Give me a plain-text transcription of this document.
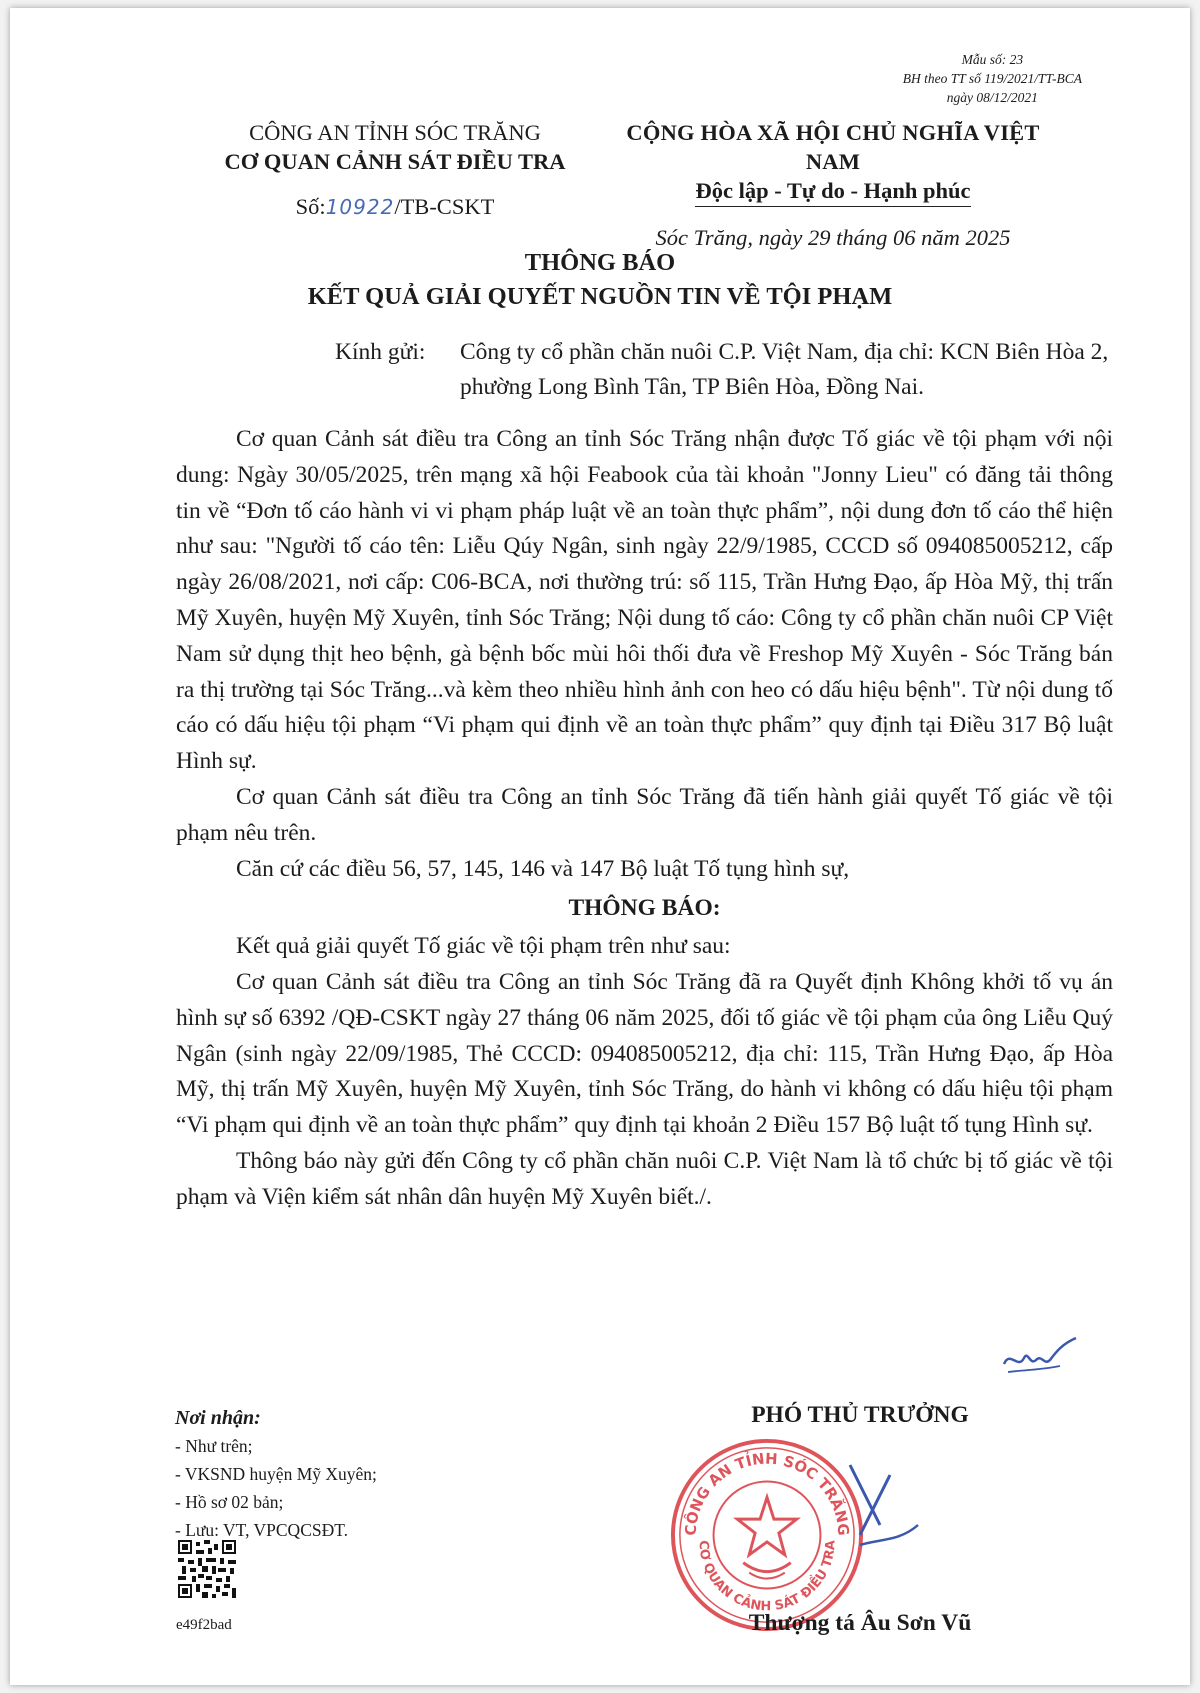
Mẫu số: 23
BH theo TT số 119/2021/TT-BCA
ngày 08/12/2021
CÔNG AN TỈNH SÓC TRĂNG
CƠ QUAN CẢNH SÁT ĐIỀU TRA
Số:10922/TB-CSKT
CỘNG HÒA XÃ HỘI CHỦ NGHĨA VIỆT NAM
Độc lập - Tự do - Hạnh phúc
Sóc Trăng, ngày 29 tháng 06 năm 2025
THÔNG BÁO
KẾT QUẢ GIẢI QUYẾT NGUỒN TIN VỀ TỘI PHẠM
Kính gửi: Công ty cổ phần chăn nuôi C.P. Việt Nam, địa chỉ: KCN Biên Hòa 2, phường Long Bình Tân, TP Biên Hòa, Đồng Nai.

Cơ quan Cảnh sát điều tra Công an tỉnh Sóc Trăng nhận được Tố giác về tội phạm với nội dung: Ngày 30/05/2025, trên mạng xã hội Feabook của tài khoản "Jonny Lieu" có đăng tải thông tin về “Đơn tố cáo hành vi vi phạm pháp luật về an toàn thực phẩm”, nội dung đơn tố cáo thể hiện như sau: "Người tố cáo tên: Liễu Qúy Ngân, sinh ngày 22/9/1985, CCCD số 094085005212, cấp ngày 26/08/2021, nơi cấp: C06-BCA, nơi thường trú: số 115, Trần Hưng Đạo, ấp Hòa Mỹ, thị trấn Mỹ Xuyên, huyện Mỹ Xuyên, tỉnh Sóc Trăng; Nội dung tố cáo: Công ty cổ phần chăn nuôi CP Việt Nam sử dụng thịt heo bệnh, gà bệnh bốc mùi hôi thối đưa về Freshop Mỹ Xuyên - Sóc Trăng bán ra thị trường tại Sóc Trăng...và kèm theo nhiều hình ảnh con heo có dấu hiệu bệnh". Từ nội dung tố cáo có dấu hiệu tội phạm “Vi phạm qui định về an toàn thực phẩm” quy định tại Điều 317 Bộ luật Hình sự.

Cơ quan Cảnh sát điều tra Công an tỉnh Sóc Trăng đã tiến hành giải quyết Tố giác về tội phạm nêu trên.

Căn cứ các điều 56, 57, 145, 146 và 147 Bộ luật Tố tụng hình sự,

THÔNG BÁO:

Kết quả giải quyết Tố giác về tội phạm trên như sau:

Cơ quan Cảnh sát điều tra Công an tỉnh Sóc Trăng đã ra Quyết định Không khởi tố vụ án hình sự số 6392 /QĐ-CSKT ngày 27 tháng 06 năm 2025, đối tố giác về tội phạm của ông Liễu Quý Ngân (sinh ngày 22/09/1985, Thẻ CCCD: 094085005212, địa chỉ: 115, Trần Hưng Đạo, ấp Hòa Mỹ, thị trấn Mỹ Xuyên, huyện Mỹ Xuyên, tỉnh Sóc Trăng, do hành vi không có dấu hiệu tội phạm “Vi phạm qui định về an toàn thực phẩm” quy định tại khoản 2 Điều 157 Bộ luật tố tụng Hình sự.

Thông báo này gửi đến Công ty cổ phần chăn nuôi C.P. Việt Nam là tổ chức bị tố giác về tội phạm và Viện kiểm sát nhân dân huyện Mỹ Xuyên biết./.

Nơi nhận:
- Như trên;
- VKSND huyện Mỹ Xuyên;
- Hồ sơ 02 bản;
- Lưu: VT, VPCQCSĐT.
e49f2bad
PHÓ THỦ TRƯỞNG
CÔNG AN TỈNH SÓC TRĂNG
CƠ QUAN CẢNH SÁT ĐIỀU TRA
Thượng tá Âu Sơn Vũ
